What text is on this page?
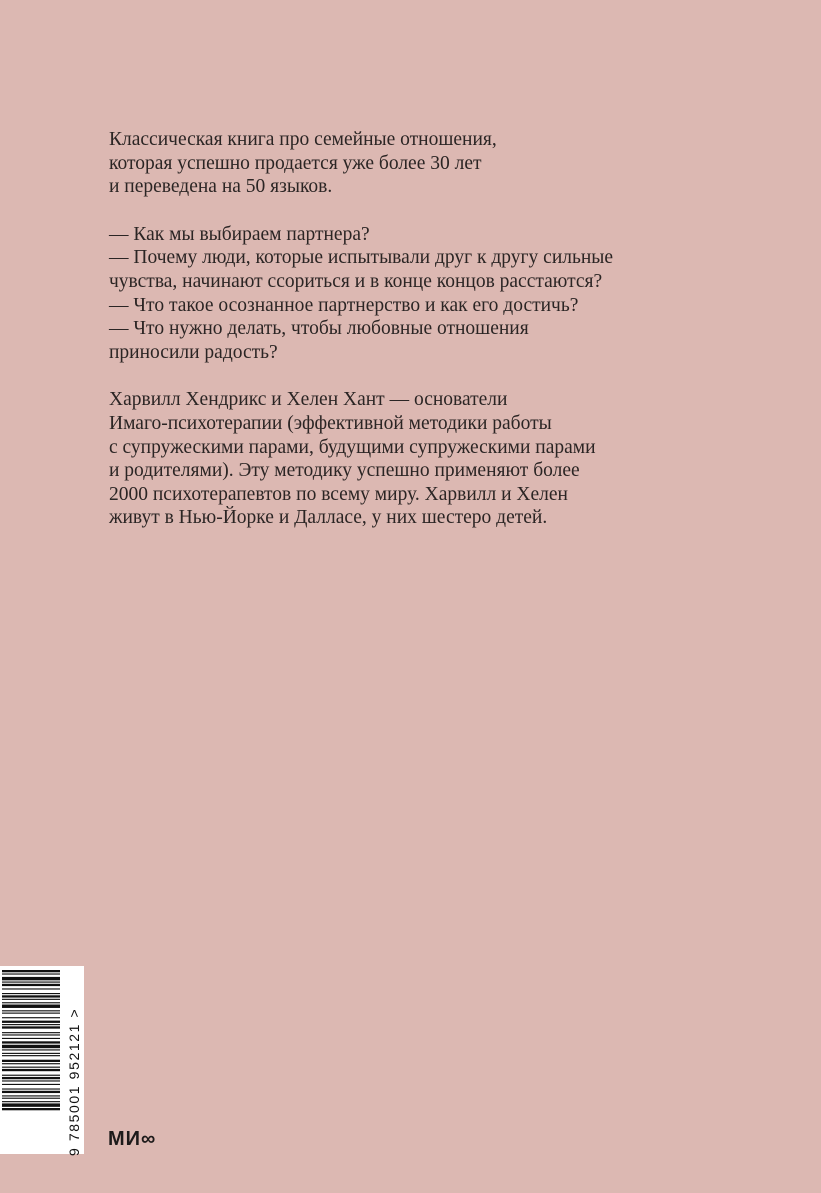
Классическая книга про семейные отношения,
которая успешно продается уже более 30 лет
и переведена на 50 языков.

— Как мы выбираем партнера?
— Почему люди, которые испытывали друг к другу сильные
чувства, начинают ссориться и в конце концов расстаются?
— Что такое осознанное партнерство и как его достичь?
— Что нужно делать, чтобы любовные отношения
приносили радость?

Харвилл Хендрикс и Хелен Хант — основатели
Имаго-психотерапии (эффективной методики работы
с супружескими парами, будущими супружескими парами
и родителями). Эту методику успешно применяют более
2000 психотерапевтов по всему миру. Харвилл и Хелен
живут в Нью-Йорке и Далласе, у них шестеро детей.

9 785001 952121 > МИ∞
